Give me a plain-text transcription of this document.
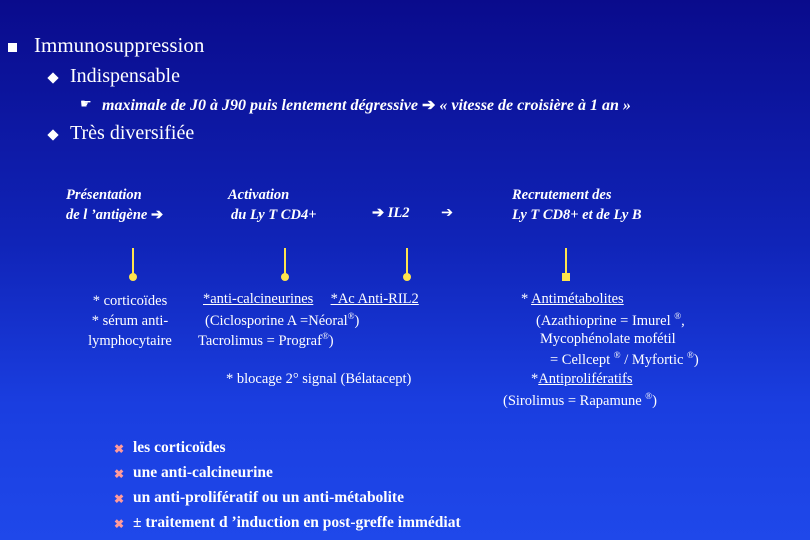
Immunosuppression
Indispensable
☛ maximale de J0 à J90 puis lentement dégressive ➔ « vitesse de croisière à 1 an »
Très diversifiée
Présentation
de l ’antigène ➔
Activation
du Ly T CD4+	➔ IL2 ➔
Recrutement des
Ly T CD8+ et de Ly B
* corticoïdes
* sérum anti-
lymphocytaire
*anti-calcineurines *Ac Anti-RIL2
(Ciclosporine A =Néoral®)
Tacrolimus = Prograf®)
* blocage 2° signal (Bélatacept)
* Antimétabolites
(Azathioprine = Imurel ®,
Mycophénolate mofétil
= Cellcept ® / Myfortic ®)
*Antiprolifératifs
(Sirolimus = Rapamune ®)
✖ les corticoïdes
✖ une anti-calcineurine
✖ un anti-prolifératif ou un anti-métabolite
✖ ± traitement d ’induction en post-greffe immédiat
